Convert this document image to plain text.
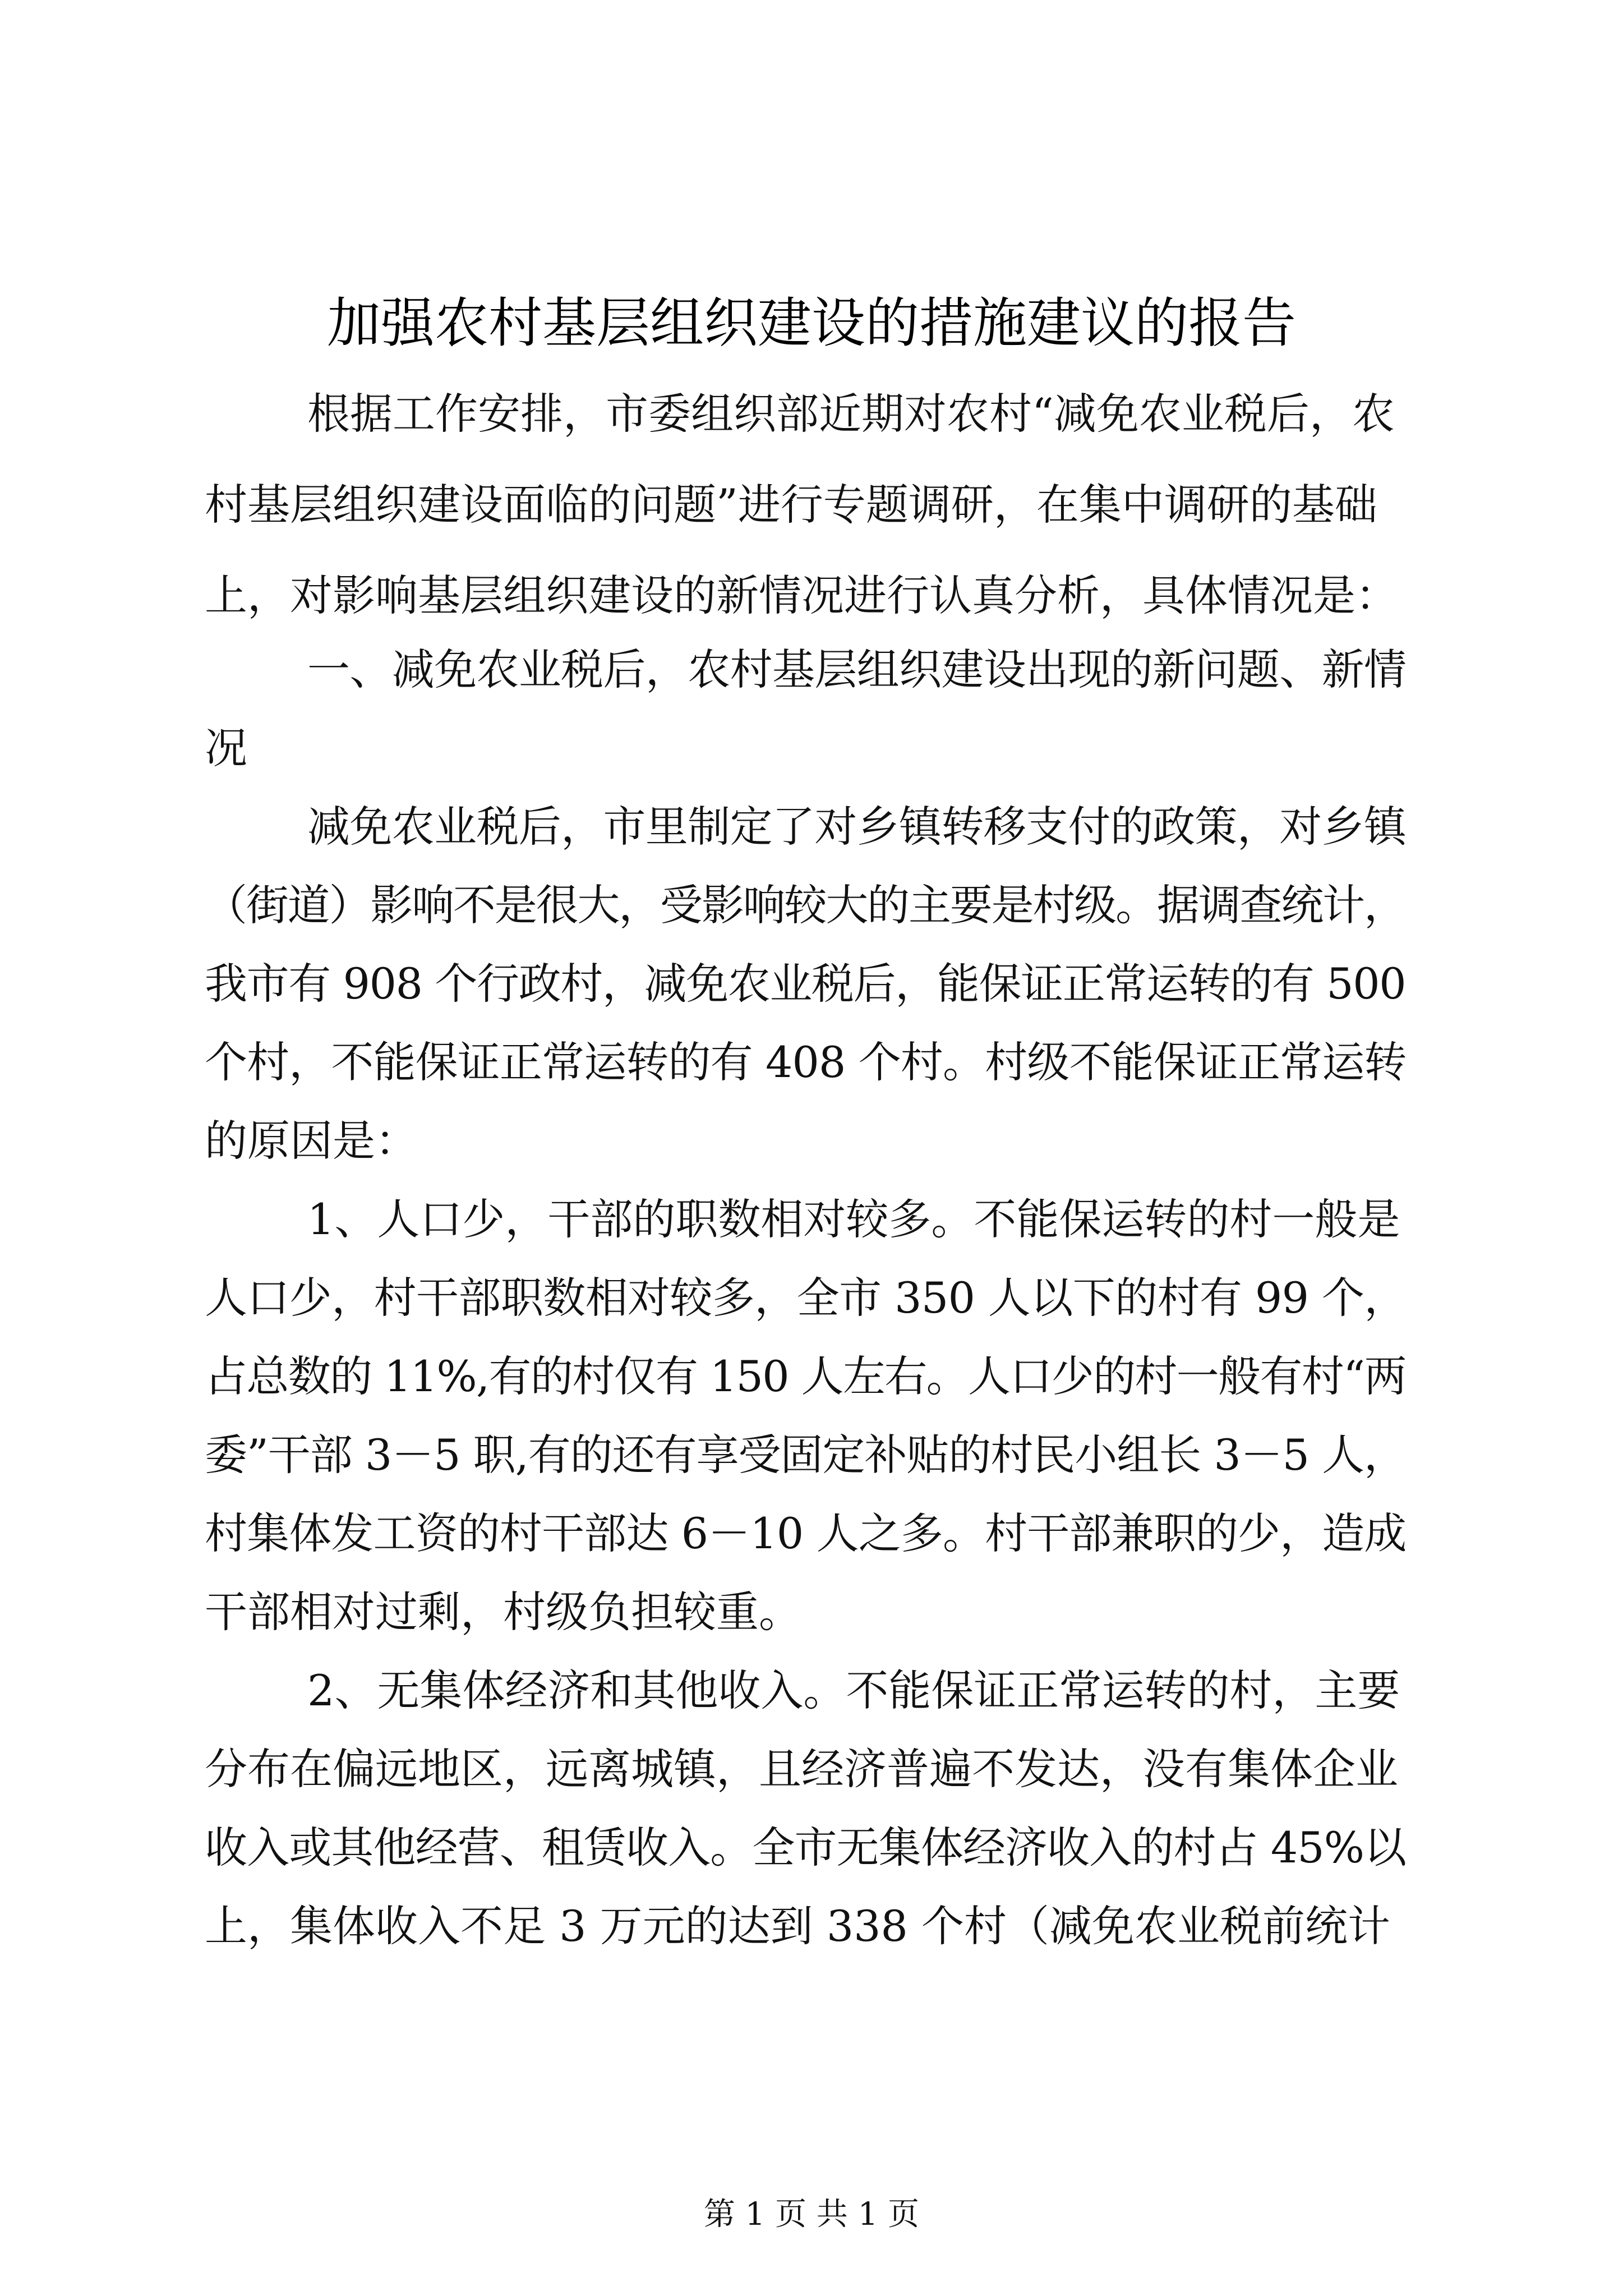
加强农村基层组织建设的措施建议的报告
根据工作安排，市委组织部近期对农村“减免农业税后，农
村基层组织建设面临的问题”进行专题调研，在集中调研的基础
上，对影响基层组织建设的新情况进行认真分析，具体情况是：
一、减免农业税后，农村基层组织建设出现的新问题、新情
况
减免农业税后，市里制定了对乡镇转移支付的政策，对乡镇
（街道）影响不是很大，受影响较大的主要是村级。据调查统计，
我市有 908 个行政村，减免农业税后，能保证正常运转的有 500
个村，不能保证正常运转的有 408 个村。村级不能保证正常运转
的原因是：
1、人口少，干部的职数相对较多。不能保运转的村一般是
人口少，村干部职数相对较多，全市 350 人以下的村有 99 个，
占总数的 11%,有的村仅有 150 人左右。人口少的村一般有村“两
委”干部 3－5 职,有的还有享受固定补贴的村民小组长 3－5 人，
村集体发工资的村干部达 6－10 人之多。村干部兼职的少，造成
干部相对过剩，村级负担较重。
2、无集体经济和其他收入。不能保证正常运转的村，主要
分布在偏远地区，远离城镇，且经济普遍不发达，没有集体企业
收入或其他经营、租赁收入。全市无集体经济收入的村占 45%以
上，集体收入不足 3 万元的达到 338 个村（减免农业税前统计
第 1 页 共 1 页
